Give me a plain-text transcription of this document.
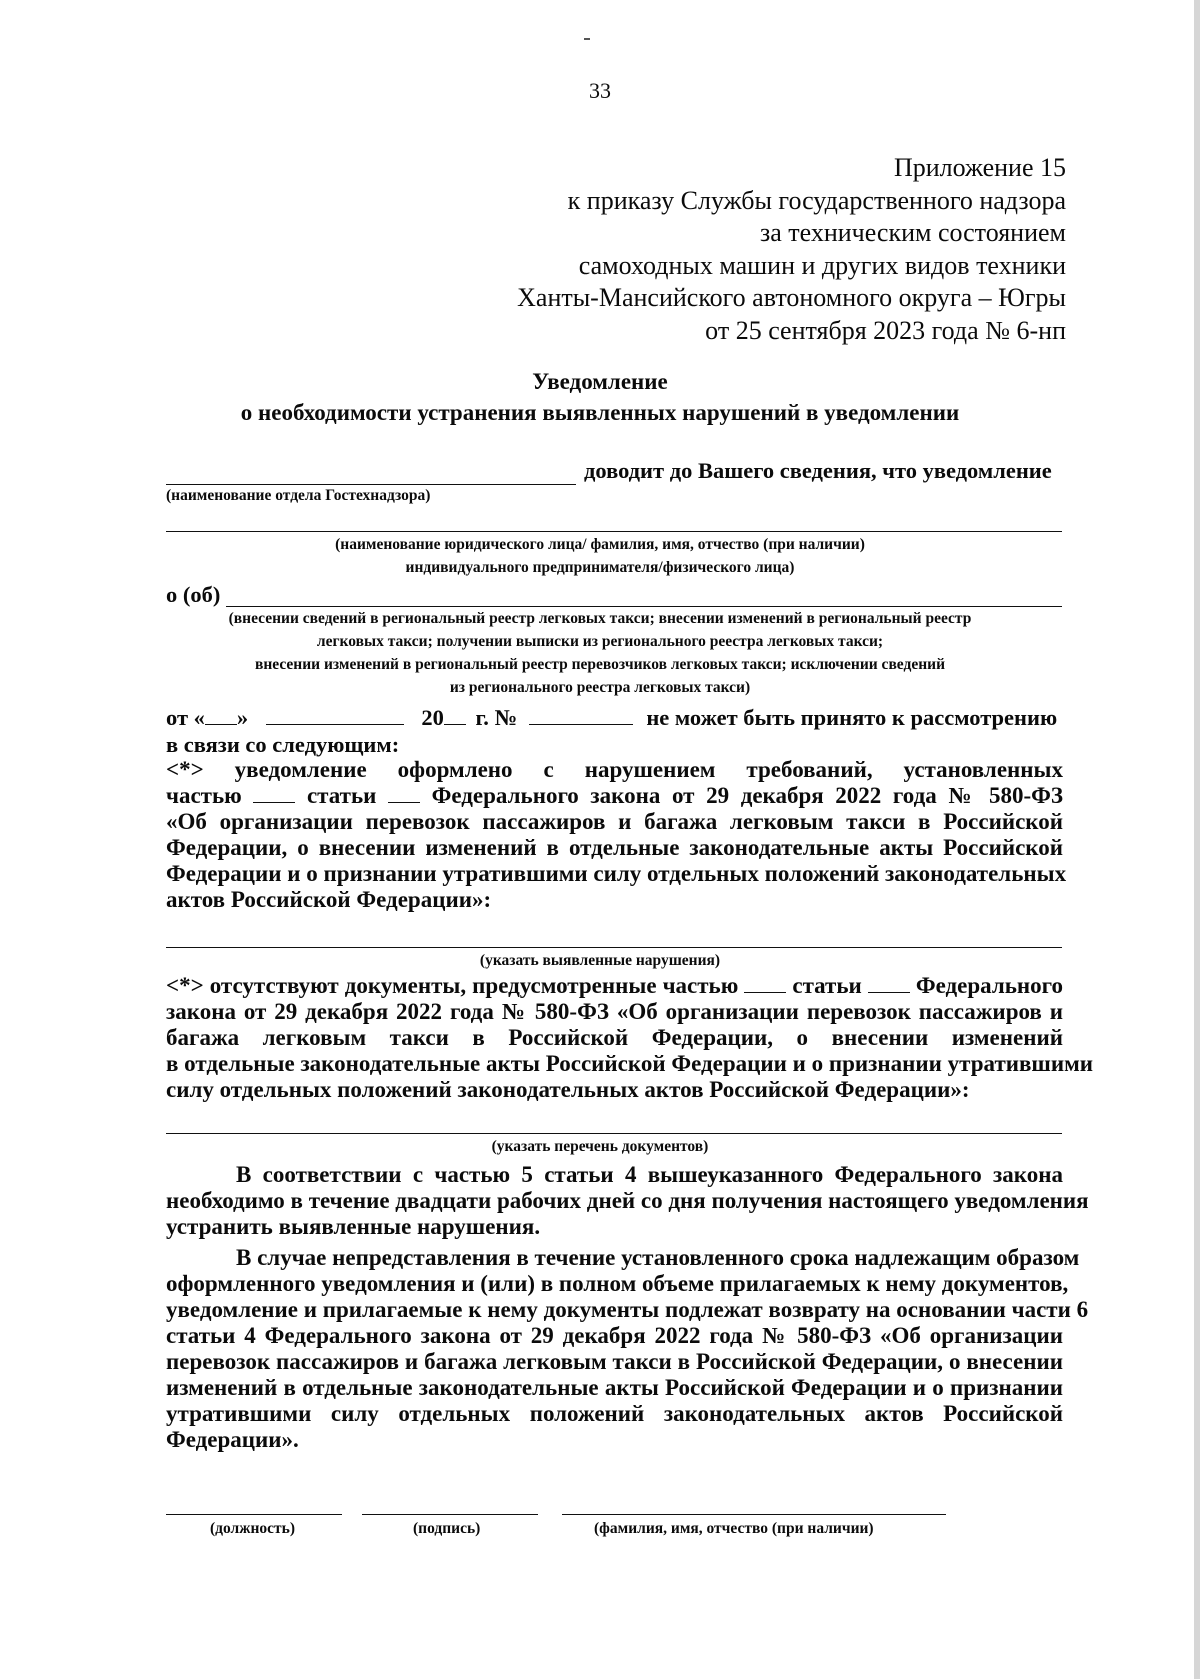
33
Приложение 15
к приказу Службы государственного надзора
за техническим состоянием
самоходных машин и других видов техники
Ханты-Мансийского автономного округа – Югры
от 25 сентября 2023 года № 6-нп
Уведомление
о необходимости устранения выявленных нарушений в уведомлении
доводит до Вашего сведения, что уведомление
(наименование отдела Гостехнадзора)
(наименование юридического лица/ фамилия, имя, отчество (при наличии)
индивидуального предпринимателя/физического лица)
о (об)
(внесении сведений в региональный реестр легковых такси; внесении изменений в региональный реестр
легковых такси; получении выписки из регионального реестра легковых такси;
внесении изменений в региональный реестр перевозчиков легковых такси; исключении сведений
из регионального реестра легковых такси)
от « »	20 г. №	не может быть принято к рассмотрению
в связи со следующим:
<*> уведомление оформлено с нарушением требований, установленных
частью	статьи Федерального закона от 29 декабря 2022 года № 580-ФЗ
«Об организации перевозок пассажиров и багажа легковым такси в Российской
Федерации, о внесении изменений в отдельные законодательные акты Российской
Федерации и о признании утратившими силу отдельных положений законодательных
актов Российской Федерации»:
(указать выявленные нарушения)
<*> отсутствуют документы, предусмотренные частью статьи Федерального
закона от 29 декабря 2022 года № 580-ФЗ «Об организации перевозок пассажиров и
багажа легковым такси в Российской Федерации, о внесении изменений
в отдельные законодательные акты Российской Федерации и о признании утратившими
силу отдельных положений законодательных актов Российской Федерации»:
(указать перечень документов)
В соответствии с частью 5 статьи 4 вышеуказанного Федерального закона
необходимо в течение двадцати рабочих дней со дня получения настоящего уведомления
устранить выявленные нарушения.
В случае непредставления в течение установленного срока надлежащим образом
оформленного уведомления и (или) в полном объеме прилагаемых к нему документов,
уведомление и прилагаемые к нему документы подлежат возврату на основании части 6
статьи 4 Федерального закона от 29 декабря 2022 года № 580-ФЗ «Об организации
перевозок пассажиров и багажа легковым такси в Российской Федерации, о внесении
изменений в отдельные законодательные акты Российской Федерации и о признании
утратившими силу отдельных положений законодательных актов Российской
Федерации».
(должность)	(подпись)	(фамилия, имя, отчество (при наличии)
